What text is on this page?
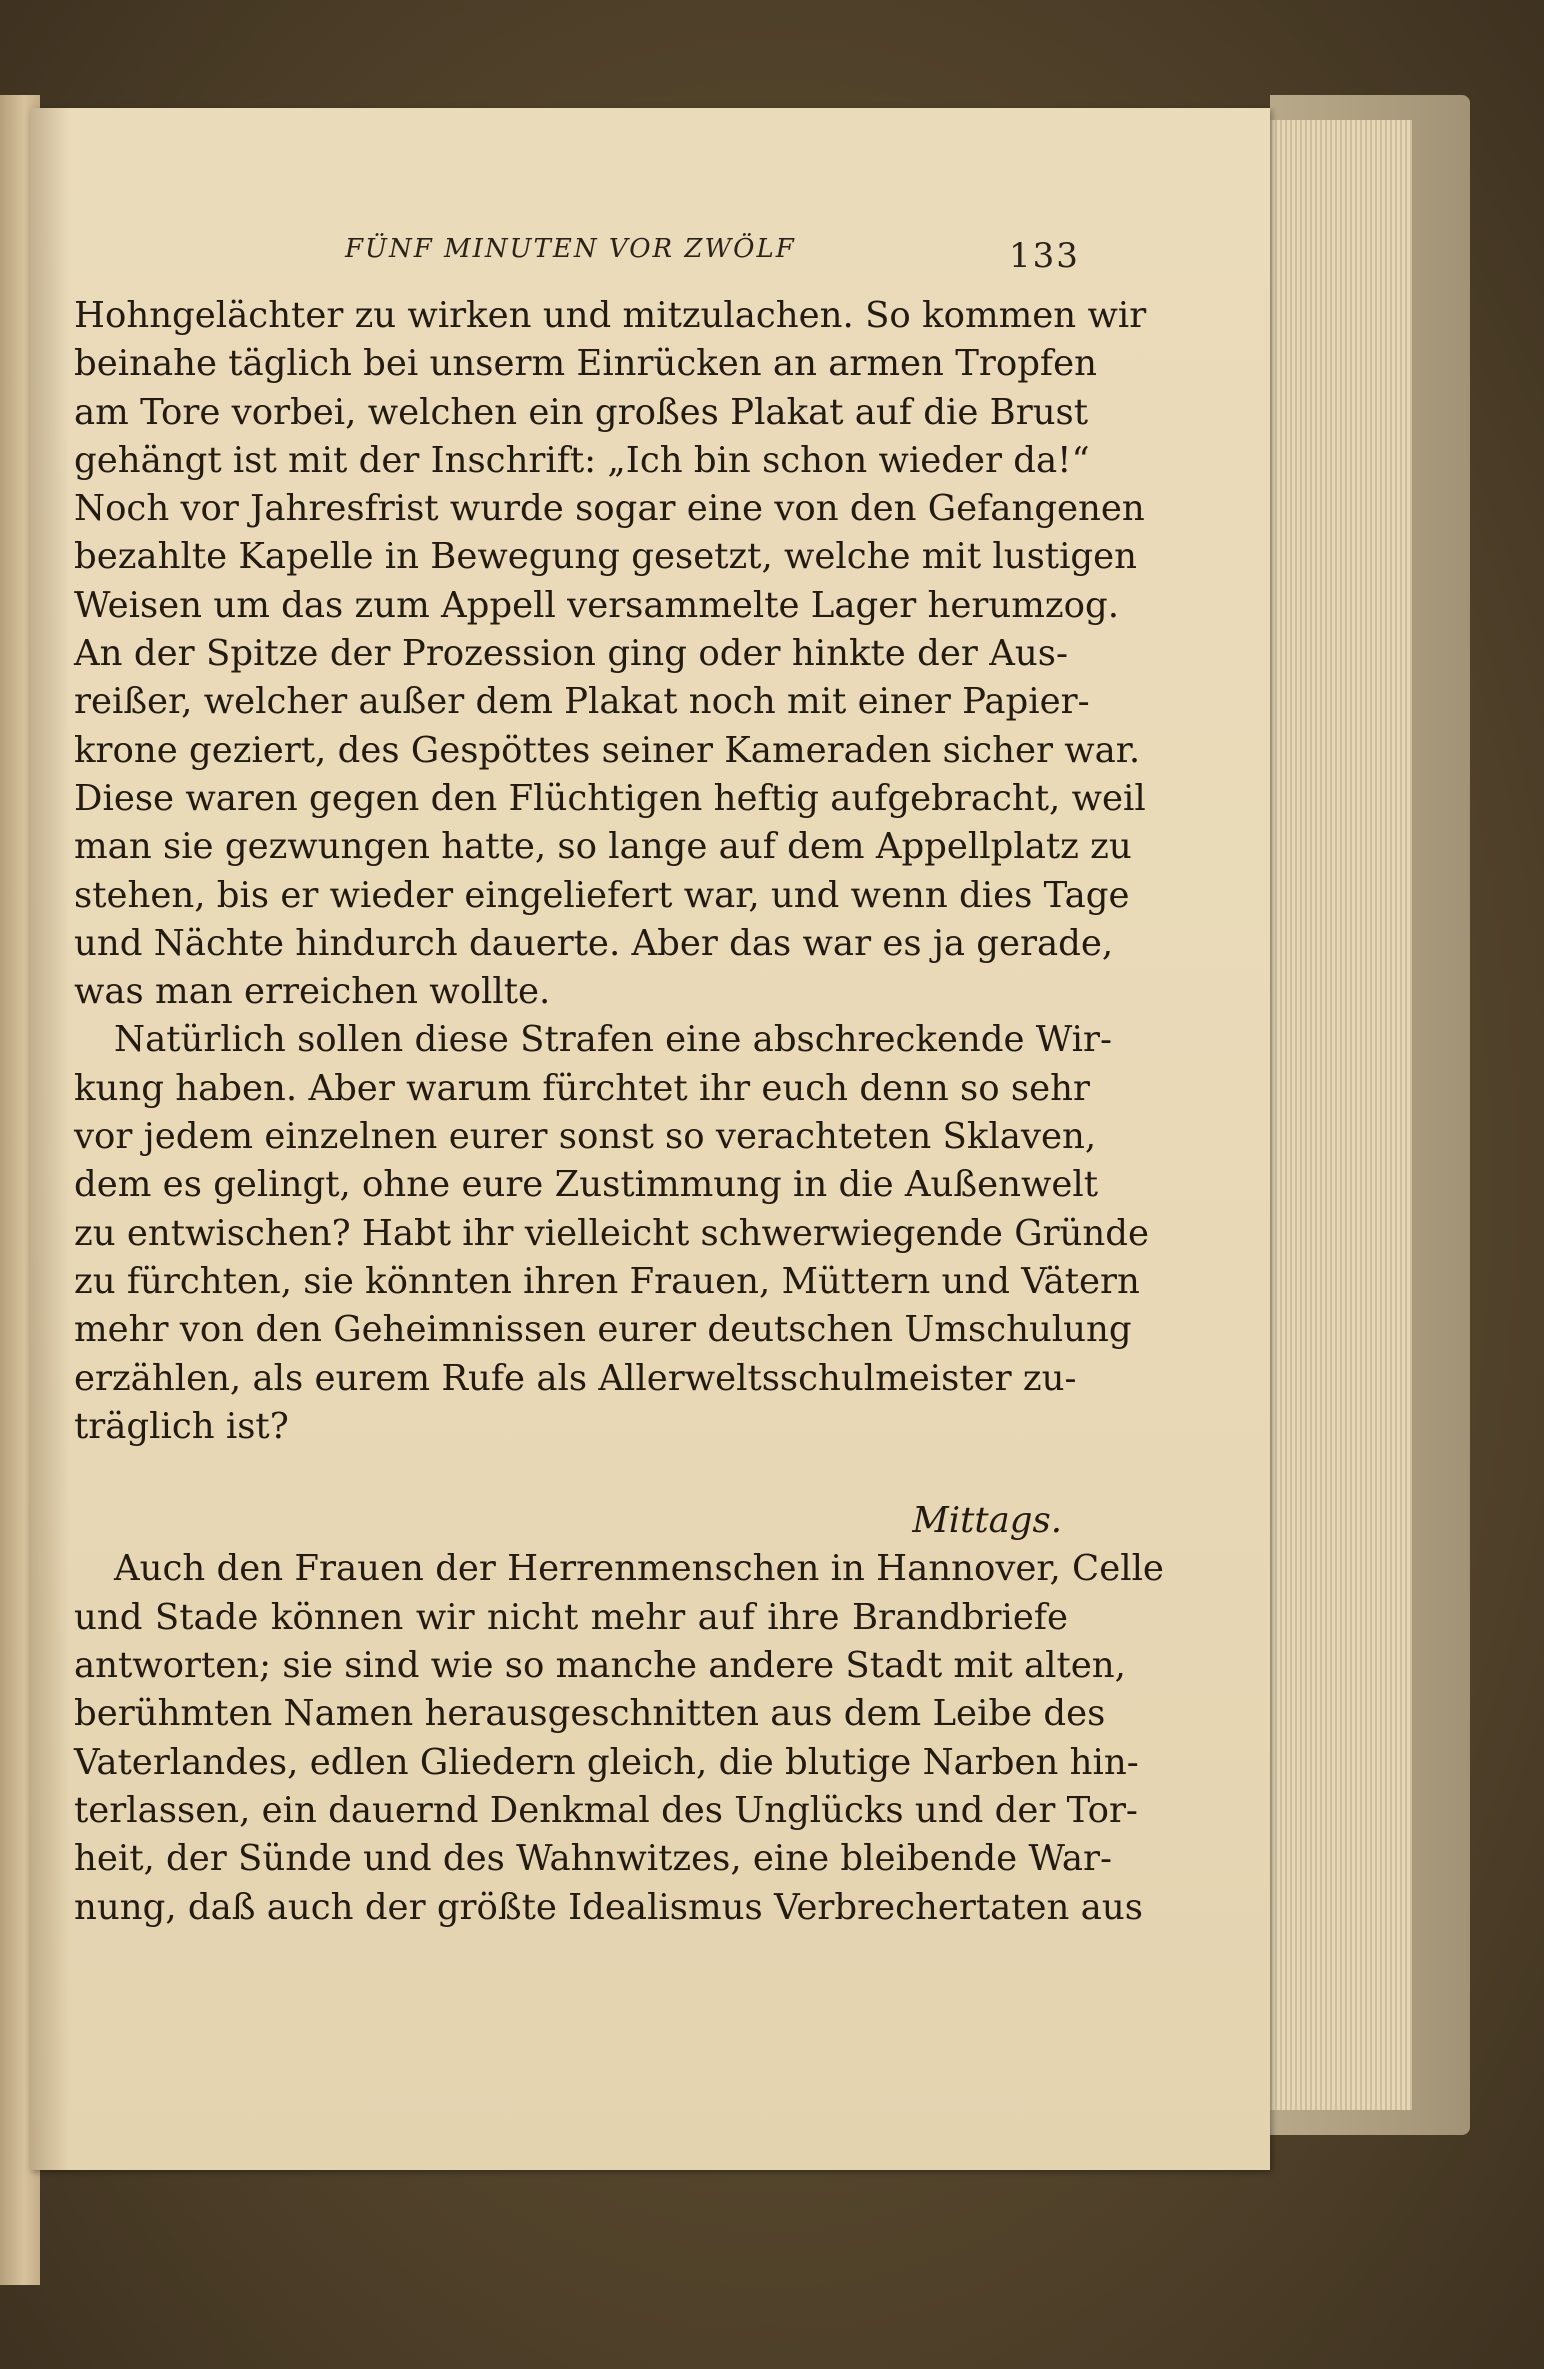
FÜNF MINUTEN VOR ZWÖLF	133
Hohngelächter zu wirken und mitzulachen. So kommen wir
beinahe täglich bei unserm Einrücken an armen Tropfen
am Tore vorbei, welchen ein großes Plakat auf die Brust
gehängt ist mit der Inschrift: „Ich bin schon wieder da!“
Noch vor Jahresfrist wurde sogar eine von den Gefangenen
bezahlte Kapelle in Bewegung gesetzt, welche mit lustigen
Weisen um das zum Appell versammelte Lager herumzog.
An der Spitze der Prozession ging oder hinkte der Aus-
reißer, welcher außer dem Plakat noch mit einer Papier-
krone geziert, des Gespöttes seiner Kameraden sicher war.
Diese waren gegen den Flüchtigen heftig aufgebracht, weil
man sie gezwungen hatte, so lange auf dem Appellplatz zu
stehen, bis er wieder eingeliefert war, und wenn dies Tage
und Nächte hindurch dauerte. Aber das war es ja gerade,
was man erreichen wollte.
Natürlich sollen diese Strafen eine abschreckende Wir-
kung haben. Aber warum fürchtet ihr euch denn so sehr
vor jedem einzelnen eurer sonst so verachteten Sklaven,
dem es gelingt, ohne eure Zustimmung in die Außenwelt
zu entwischen? Habt ihr vielleicht schwerwiegende Gründe
zu fürchten, sie könnten ihren Frauen, Müttern und Vätern
mehr von den Geheimnissen eurer deutschen Umschulung
erzählen, als eurem Rufe als Allerweltsschulmeister zu-
träglich ist?
Mittags.
Auch den Frauen der Herrenmenschen in Hannover, Celle
und Stade können wir nicht mehr auf ihre Brandbriefe
antworten; sie sind wie so manche andere Stadt mit alten,
berühmten Namen herausgeschnitten aus dem Leibe des
Vaterlandes, edlen Gliedern gleich, die blutige Narben hin-
terlassen, ein dauernd Denkmal des Unglücks und der Tor-
heit, der Sünde und des Wahnwitzes, eine bleibende War-
nung, daß auch der größte Idealismus Verbrechertaten aus
